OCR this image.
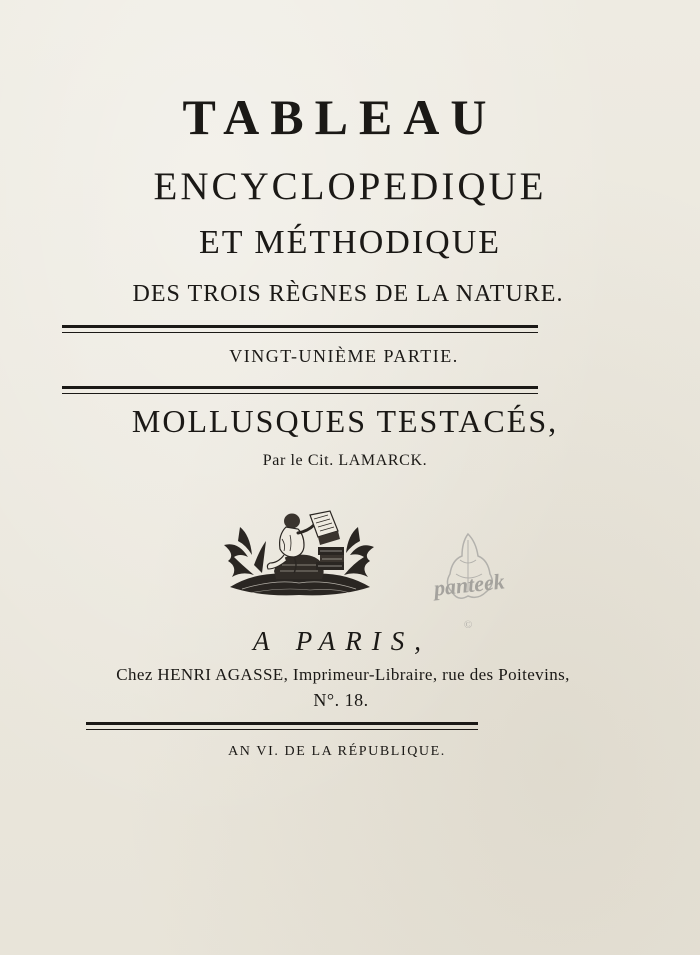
TABLEAU
ENCYCLOPEDIQUE
ET MÉTHODIQUE
DES TROIS RÈGNES DE LA NATURE.
VINGT-UNIÈME PARTIE.
MOLLUSQUES TESTACÉS,
Par le Cit. LAMARCK.
©
panteek
A PARIS,
Chez HENRI AGASSE, Imprimeur-Libraire, rue des Poitevins,
N°. 18.
AN VI. DE LA RÉPUBLIQUE.
